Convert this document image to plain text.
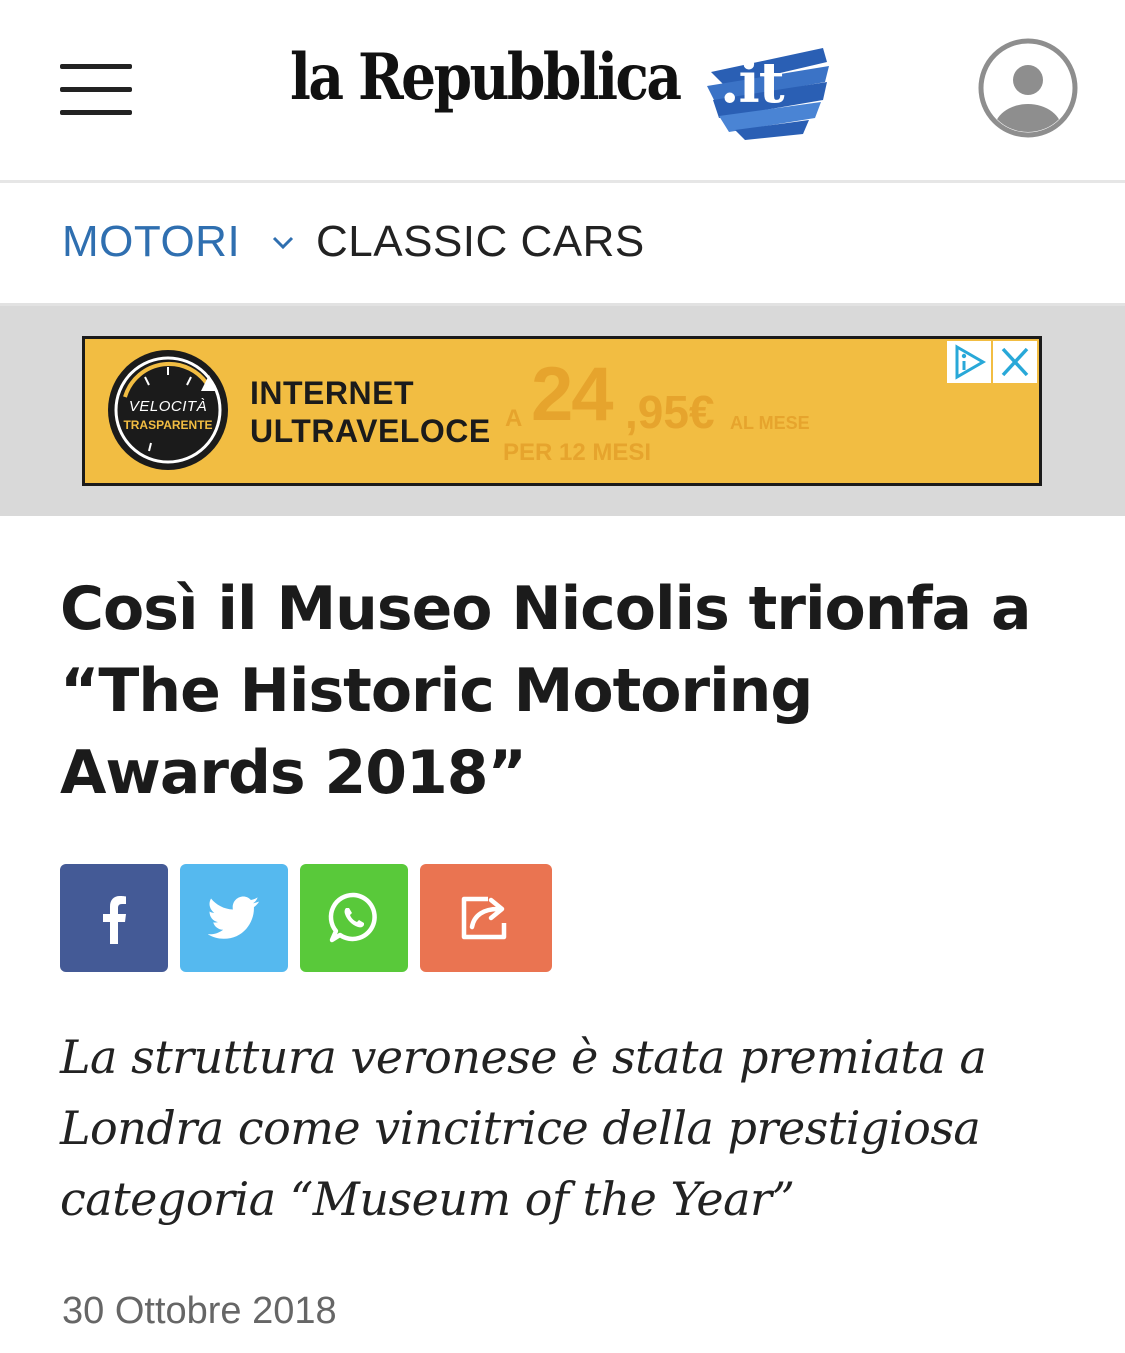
la Repubblica .it
MOTORI CLASSIC CARS
VELOCITÀ
TRASPARENTE
INTERNET
ULTRAVELOCE A 24 ,95€ AL MESE
PER 12 MESI
Così il Museo Nicolis trionfa a “The Historic Motoring Awards 2018”

La struttura veronese è stata premiata a Londra come vincitrice della prestigiosa categoria “Museum of the Year”

30 Ottobre 2018
